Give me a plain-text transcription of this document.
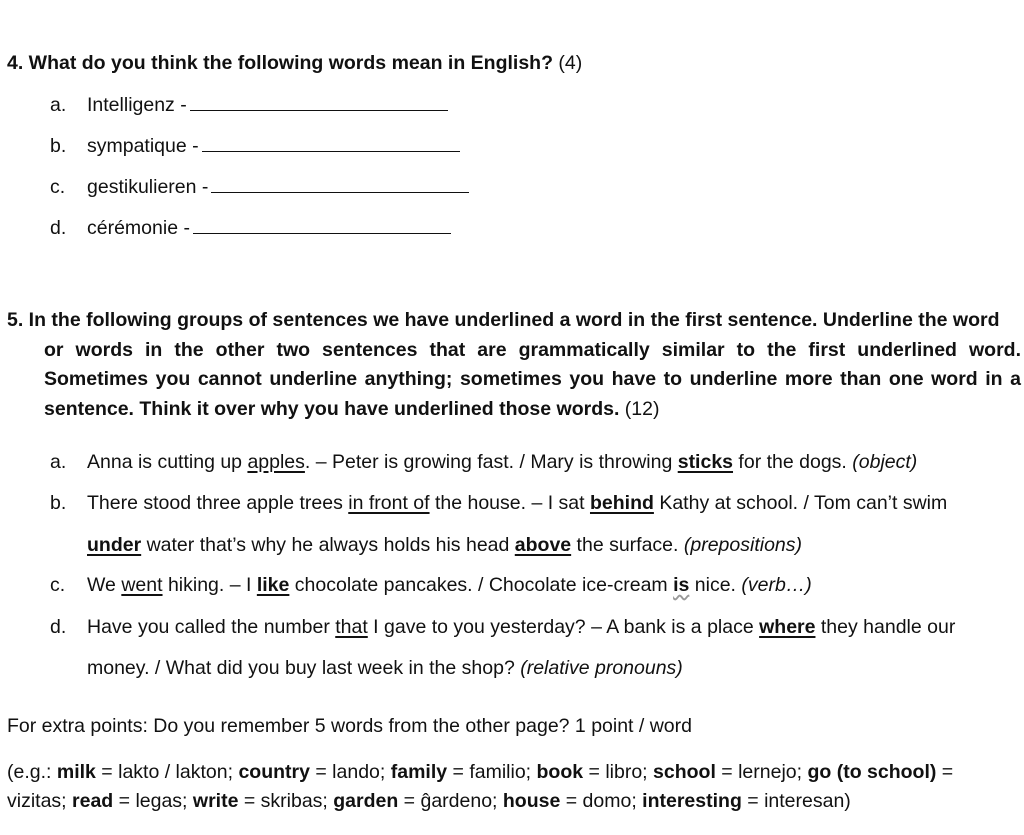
4. What do you think the following words mean in English? (4)
a. Intelligenz -
b. sympatique -
c. gestikulieren -
d. cérémonie -
5. In the following groups of sentences we have underlined a word in the first sentence. Underline the word
or words in the other two sentences that are grammatically similar to the first underlined word. Sometimes you cannot underline anything; sometimes you have to underline more than one word in a sentence. Think it over why you have underlined those words. (12)
a. Anna is cutting up apples. – Peter is growing fast. / Mary is throwing sticks for the dogs. (object)
b. There stood three apple trees in front of the house. – I sat behind Kathy at school. / Tom can’t swim
under water that’s why he always holds his head above the surface. (prepositions)
c. We went hiking. – I like chocolate pancakes. / Chocolate ice-cream is nice. (verb…)
d. Have you called the number that I gave to you yesterday? – A bank is a place where they handle our
money. / What did you buy last week in the shop? (relative pronouns)
For extra points: Do you remember 5 words from the other page? 1 point / word
(e.g.: milk = lakto / lakton; country = lando; family = familio; book = libro; school = lernejo; go (to school) =
vizitas; read = legas; write = skribas; garden = ĝardeno; house = domo; interesting = interesan)
